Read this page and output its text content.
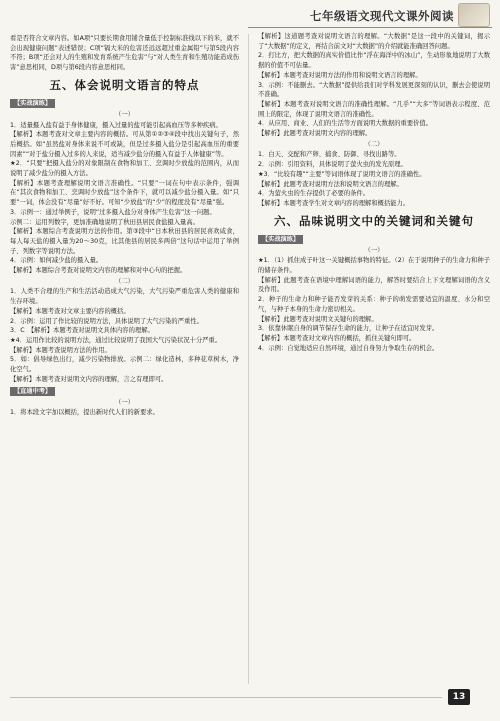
七年级语文现代文课外阅读

看是否符合文章内容。如A项“只要长期食用铺含量低于控制标准线以下的米，就不会出现健康问题”表述错误；C项“镉大米的危害还远远超过重金属铅”与第5段内容不符；B项“还会对人的生殖和发育系统产生危害”与“对人类生育和生殖功能造成伤害”意思相同，D项与第6段内容意思相同。

五、体会说明文语言的特点
【实战演练】
（一）

1．适量摄入盐有益于身体健康，摄入过量的盐可能引起高血压等多种疾病。
【解析】本题考查对文章主要内容的概括。可从第①②③④段中找出关键句子，然后概括。如“虽然盐对身体来说不可或缺，但是过多摄入盐分是引起高血压的重要因素”“对于盐分摄入过多的人来说，适当减少盐分的摄入有益于人体健康”等。
★2．“只要”把摄入盐分的对象限制在食物和加工、烹调时少放盐的范围内，从而说明了减少盐分的摄入方法。
【解析】本题考查理解说明文语言准确性。“只要”一词在句中表示条件，强调在“其次食物和加工、烹调时少放盐”这个条件下，就可以减少盐分摄入量。如“只要”一词，体会没有“尽量”好不好。可知“少放盐”的“少”的程度没有“尽量”强。

3．示例一：通过举例子，说明“过多摄入盐分对身体产生危害”这一问题。
示例二：运用列数字，更加准确地说明了秋田县居民食盐摄入量高。
【解析】本题综合考查说明方法的作用。第③段中“日本秋田县的居民喜欢咸食，每人每天盐的摄入量为20～30克，比其他县的居民多两倍”这句话中运用了举例子、列数字等说明方法。
4．示例：如何减少盐的摄入量。
【解析】本题综合考查对说明文内容的理解和对中心句的把握。

（二）

1．人类不合理的生产和生活活动造成大气污染，大气污染严重危害人类的健康和生存环境。
【解析】本题考查对文章主要内容的概括。
2．示例：运用了作比较的说明方法，具体说明了大气污染的严重性。
3．C　【解析】本题考查对说明文具体内容的理解。
★4．运用作比较的说明方法，通过比较说明了我国大气污染状况十分严重。
【解析】本题考查说明方法的作用。

5．如：倡导绿色出行，减少污染物排放。示例二：绿化造林，多种花草树木，净化空气。
【解析】本题考查对说明文内容的理解，言之有理即可。

【直通中考】
（一）

1．将本段文字加以概括，提出新时代人们的新要求。

【解析】这道题考查对说明文语言的理解。“大数据”是这一段中的关键词，揭示了“大数据”的定义，再结合前文对“大数据”的介绍就能准确回答问题。
2．打比方，把大数据的真实价值比作“浮在海洋中的冰山”，生动形象地说明了大数据的价值不可估量。
【解析】本题考查对说明方法的作用和说明文语言的理解。
3．示例：不能删去。“大数据”提供给我们对学科发展更深刻的认识，删去会使说明不准确。
【解析】本题考查对说明文语言的准确性理解。“几乎”“大多”等词语表示程度、范围上的限定，体现了说明文语言的准确性。
4．从应用、商业、人们的生活等方面说明大数据的重要价值。
【解析】此题考查对说明文内容的理解。

（二）

1．白天、交配和产卵、捕食、防御、寻找出路等。
2．示例：引用资料，具体说明了萤火虫的发光原理。
★3．“比较有趣”“主要”等词语体现了说明文语言的准确性。
【解析】此题考查对说明方法和说明文语言的理解。
4．为萤火虫的生存提供了必要的条件。
【解析】本题考查学生对文章内容的理解和概括能力。

六、品味说明文中的关键词和关键句
【实战演练】
（一）

★1．（1）抓住成子叶这一关键概括事物的特征。（2）在于说明种子的生命力和种子的储存条件。
【解析】此题考查在语境中理解词语的能力，解答时要结合上下文理解词语的含义及作用。
2．种子的生命力和种子能否发芽的关系：种子的萌发需要适宜的温度、水分和空气，与种子本身的生命力密切相关。
【解析】此题考查对说明文关键句的理解。
3．依靠休眠自身的调节保存生命的能力，让种子在适宜时发芽。
【解析】本题考查对文章内容的概括，抓住关键句即可。
4．示例：自觉地适应自然环境，通过自身努力争取生存的机会。

13
